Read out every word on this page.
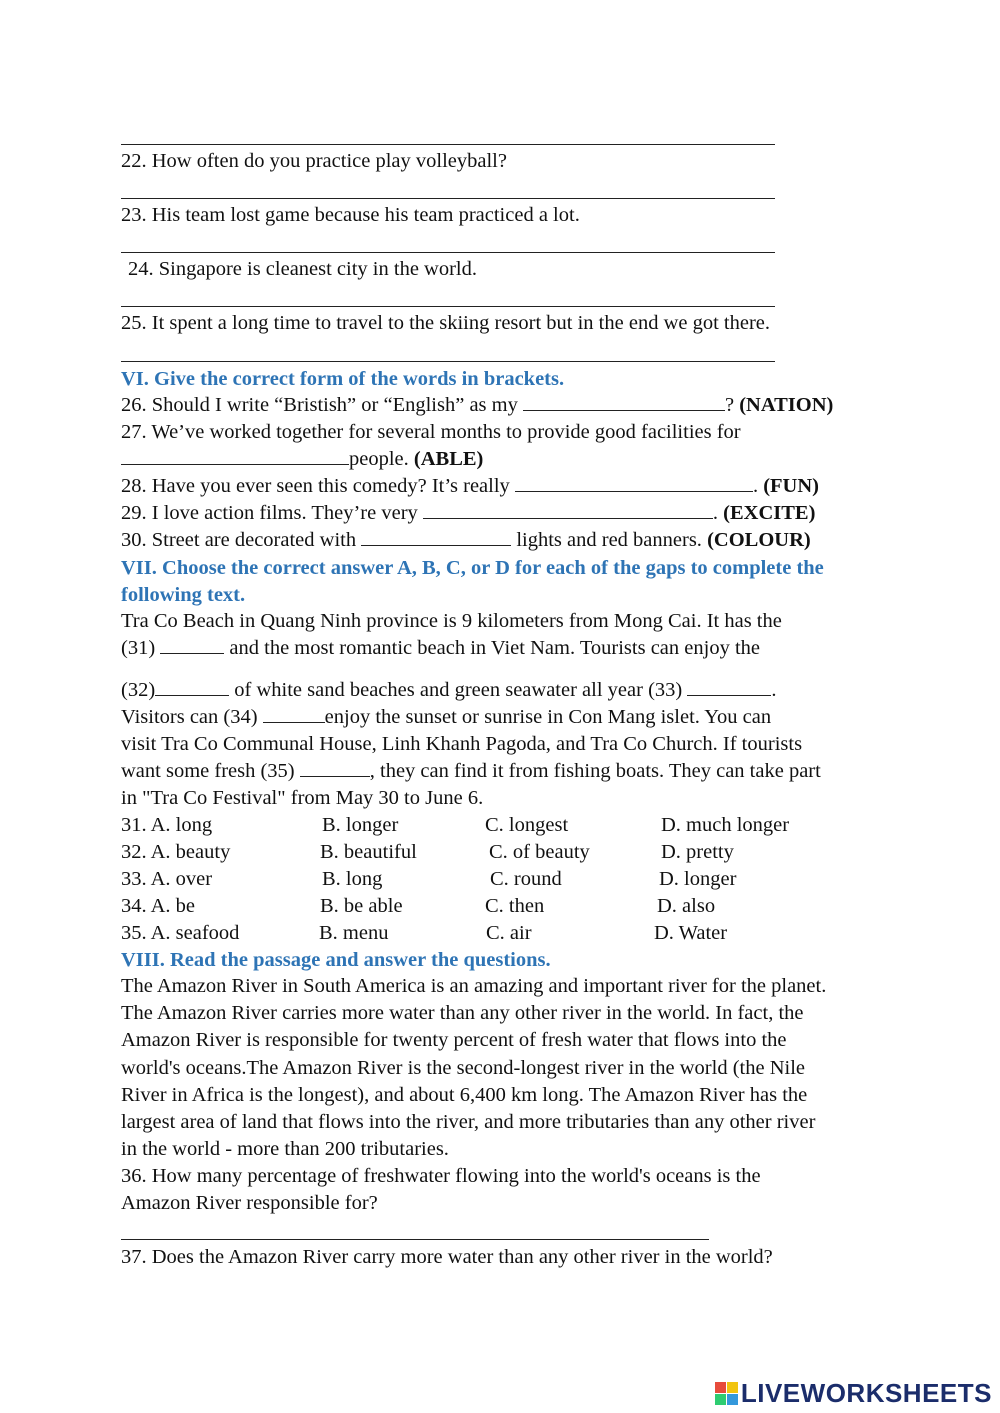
22. How often do you practice play volleyball?
23. His team lost game because his team practiced a lot.
24. Singapore is cleanest city in the world.
25. It spent a long time to travel to the skiing resort but in the end we got there.
VI. Give the correct form of the words in brackets.
26. Should I write “Bristish” or “English” as my	? (NATION)
27. We’ve worked together for several months to provide good facilities for
people. (ABLE)
28. Have you ever seen this comedy? It’s really	. (FUN)
29. I love action films. They’re very	. (EXCITE)
30. Street are decorated with	lights and red banners. (COLOUR)
VII. Choose the correct answer A, B, C, or D for each of the gaps to complete the
following text.
Tra Co Beach in Quang Ninh province is 9 kilometers from Mong Cai. It has the
(31)	and the most romantic beach in Viet Nam. Tourists can enjoy the
(32)	of white sand beaches and green seawater all year (33)	.
Visitors can (34)	enjoy the sunset or sunrise in Con Mang islet. You can
visit Tra Co Communal House, Linh Khanh Pagoda, and Tra Co Church. If tourists
want some fresh (35)	, they can find it from fishing boats. They can take part
in "Tra Co Festival" from May 30 to June 6.
31. A. long	B. longer	C. longest	D. much longer
32. A. beauty	B. beautiful	C. of beauty	D. pretty
33. A. over	B. long	C. round	D. longer
34. A. be	B. be able	C. then	D. also
35. A. seafood	B. menu	C. air	D. Water
VIII. Read the passage and answer the questions.
The Amazon River in South America is an amazing and important river for the planet.
The Amazon River carries more water than any other river in the world. In fact, the
Amazon River is responsible for twenty percent of fresh water that flows into the
world's oceans.The Amazon River is the second-longest river in the world (the Nile
River in Africa is the longest), and about 6,400 km long. The Amazon River has the
largest area of land that flows into the river, and more tributaries than any other river
in the world - more than 200 tributaries.
36. How many percentage of freshwater flowing into the world's oceans is the
Amazon River responsible for?
37. Does the Amazon River carry more water than any other river in the world?
LIVEWORKSHEETS
